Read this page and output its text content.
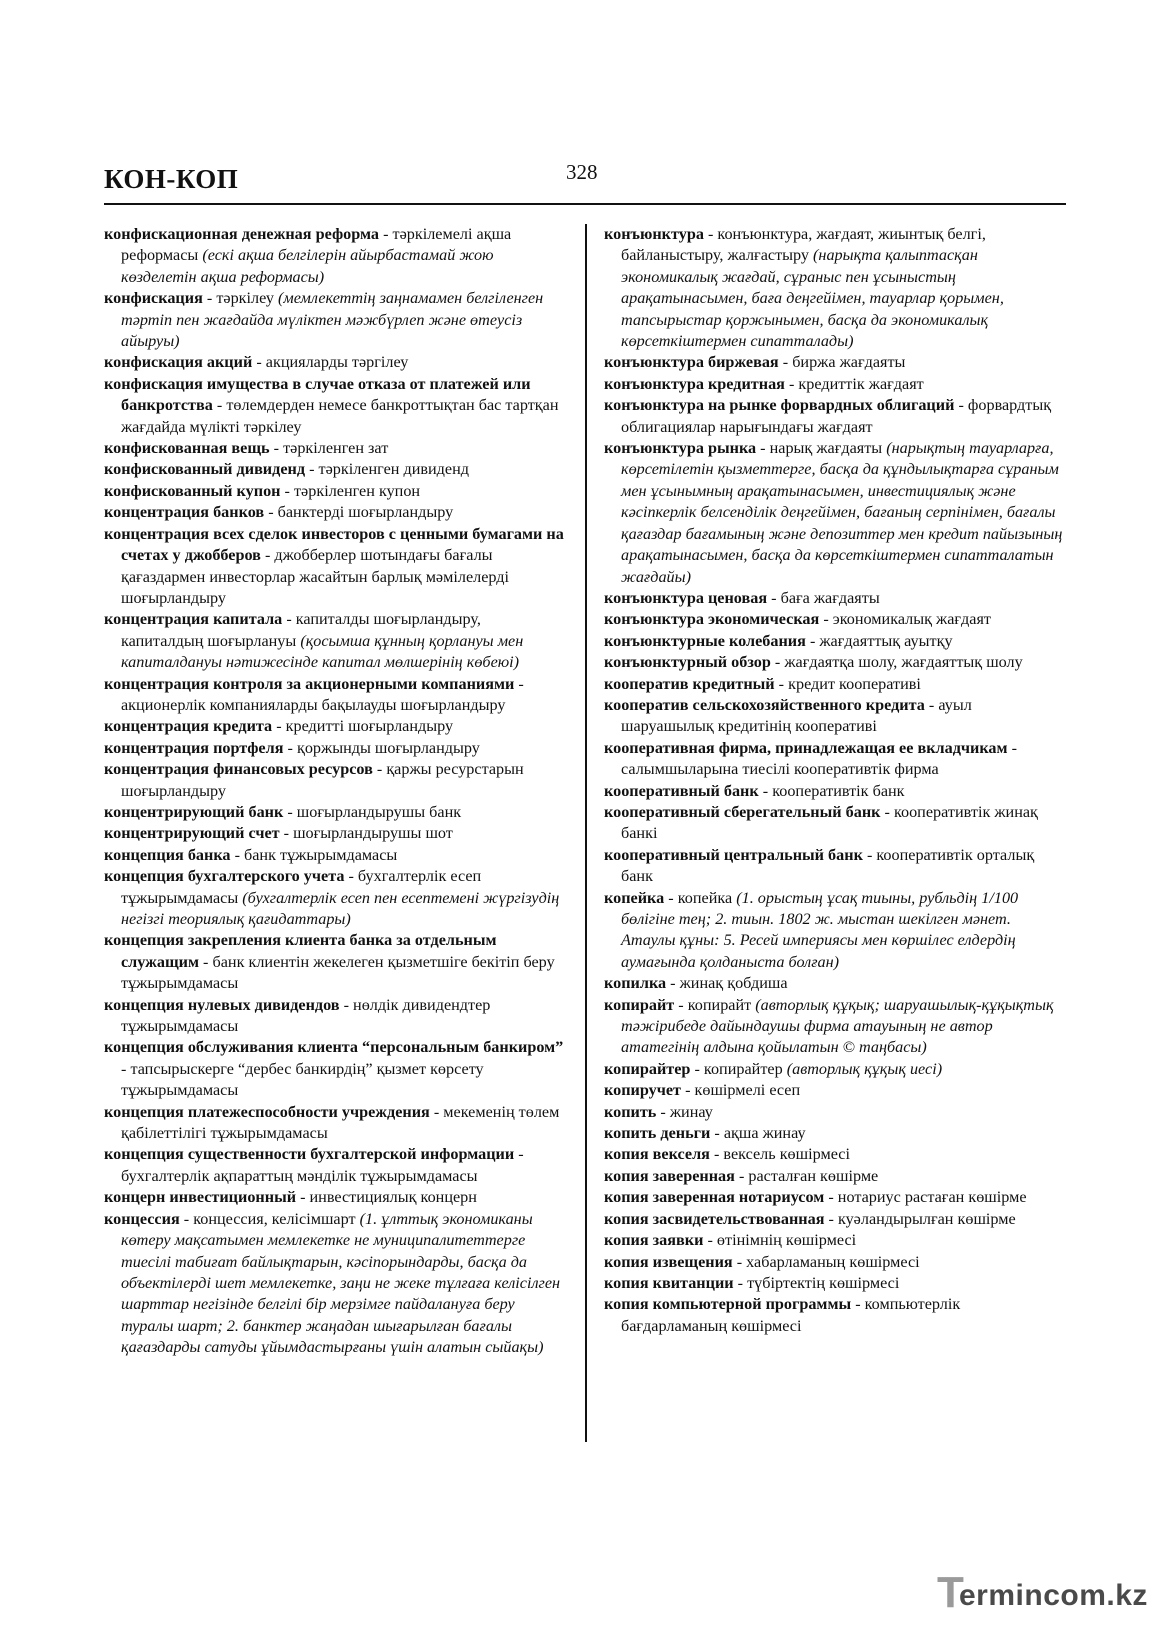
КОН-КОП	328
конфискационная денежная реформа - тәркілемелі ақша реформасы (ескі ақша белгілерін айырбастамай жою көзделетін ақша реформасы)
конфискация - тәркілеу (мемлекеттің заңнамамен белгіленген тәртіп пен жағдайда мүліктен мәжбүрлеп және өтеусіз айыруы)
конфискация акций - акцияларды тәргілеу
конфискация имущества в случае отказа от платежей или банкротства - төлемдерден немесе банкроттықтан бас тартқан жағдайда мүлікті тәркілеу
конфискованная вещь - тәркіленген зат
конфискованный дивиденд - тәркіленген дивиденд
конфискованный купон - тәркіленген купон
концентрация банков - банктерді шоғырландыру
концентрация всех сделок инвесторов с ценными бумагами на счетах у джобберов - джобберлер шотындағы бағалы қағаздармен инвесторлар жасайтын барлық мәмілелерді шоғырландыру
концентрация капитала - капиталды шоғырландыру, капиталдың шоғырлануы (қосымша құнның қорлануы мен капиталдануы нәтижесінде капитал мөлшерінің көбеюі)
концентрация контроля за акционерными компаниями - акционерлік компанияларды бақылауды шоғырландыру
концентрация кредита - кредитті шоғырландыру
концентрация портфеля - қоржынды шоғырландыру
концентрация финансовых ресурсов - қаржы ресурстарын шоғырландыру
концентрирующий банк - шоғырландырушы банк
концентрирующий счет - шоғырландырушы шот
концепция банка - банк тұжырымдамасы
концепция бухгалтерского учета - бухгалтерлік есеп тұжырымдамасы (бухгалтерлік есеп пен есептемені жүргізудің негізгі теориялық қағидаттары)
концепция закрепления клиента банка за отдельным служащим - банк клиентін жекелеген қызметшіге бекітіп беру тұжырымдамасы
концепция нулевых дивидендов - нөлдік дивидендтер тұжырымдамасы
концепция обслуживания клиента “персональным банкиром” - тапсырыскерге “дербес банкирдің” қызмет көрсету тұжырымдамасы
концепция платежеспособности учреждения - мекеменің төлем қабілеттілігі тұжырымдамасы
концепция существенности бухгалтерской информации - бухгалтерлік ақпараттың мәнділік тұжырымдамасы
концерн инвестиционный - инвестициялық концерн
концессия - концессия, келісімшарт (1. ұлттық экономиканы көтеру мақсатымен мемлекетке не муниципалитеттерге тиесілі табиғат байлықтарын, кәсіпорындарды, басқа да объектілерді шет мемлекетке, заңи не жеке тұлғаға келісілген шарттар негізінде белгілі бір мерзімге пайдалануға беру туралы шарт; 2. банктер жаңадан шығарылған бағалы қағаздарды сатуды ұйымдастырғаны үшін алатын сыйақы)
конъюнктура - конъюнктура, жағдаят, жиынтық белгі, байланыстыру, жалғастыру (нарықта қалыптасқан экономикалық жағдай, сұраныс пен ұсыныстың арақатынасымен, баға деңгейімен, тауарлар қорымен, тапсырыстар қоржынымен, басқа да экономикалық көрсеткіштермен сипатталады)
конъюнктура биржевая - биржа жағдаяты
конъюнктура кредитная - кредиттік жағдаят
конъюнктура на рынке форвардных облигаций - форвардтық облигациялар нарығындағы жағдаят
конъюнктура рынка - нарық жағдаяты (нарықтың тауарларға, көрсетілетін қызметтерге, басқа да құндылықтарға сұраным мен ұсынымның арақатынасымен, инвестициялық және кәсіпкерлік белсенділік деңгейімен, бағаның серпінімен, бағалы қағаздар бағамының және депозиттер мен кредит пайызының арақатынасымен, басқа да көрсеткіштермен сипатталатын жағдайы)
конъюнктура ценовая - баға жағдаяты
конъюнктура экономическая - экономикалық жағдаят
конъюнктурные колебания - жағдаяттық ауытқу
конъюнктурный обзор - жағдаятқа шолу, жағдаяттық шолу
кооператив кредитный - кредит кооперативі
кооператив сельскохозяйственного кредита - ауыл шаруашылық кредитінің кооперативі
кооперативная фирма, принадлежащая ее вкладчикам - салымшыларына тиесілі кооперативтік фирма
кооперативный банк - кооперативтік банк
кооперативный сберегательный банк - кооперативтік жинақ банкі
кооперативный центральный банк - кооперативтік орталық банк
копейка - копейка (1. орыстың ұсақ тиыны, рубльдің 1/100 бөлігіне тең; 2. тиын. 1802 ж. мыстан шекілген мәнет. Атаулы құны: 5. Ресей империясы мен көршілес елдердің аумағында қолданыста болған)
копилка - жинақ қобдиша
копирайт - копирайт (авторлық құқық; шаруашылық-құқықтық тәжірибеде дайындаушы фирма атауының не автор ататегінің алдына қойылатын © таңбасы)
копирайтер - копирайтер (авторлық құқық иесі)
копиручет - көшірмелі есеп
копить - жинау
копить деньги - ақша жинау
копия векселя - вексель көшірмесі
копия заверенная - расталған көшірме
копия заверенная нотариусом - нотариус растаған көшірме
копия засвидетельствованная - куәландырылған көшірме
копия заявки - өтінімнің көшірмесі
копия извещения - хабарламаның көшірмесі
копия квитанции - түбіртектің көшірмесі
копия компьютерной программы - компьютерлік бағдарламаның көшірмесі
T
ermincom.kz
